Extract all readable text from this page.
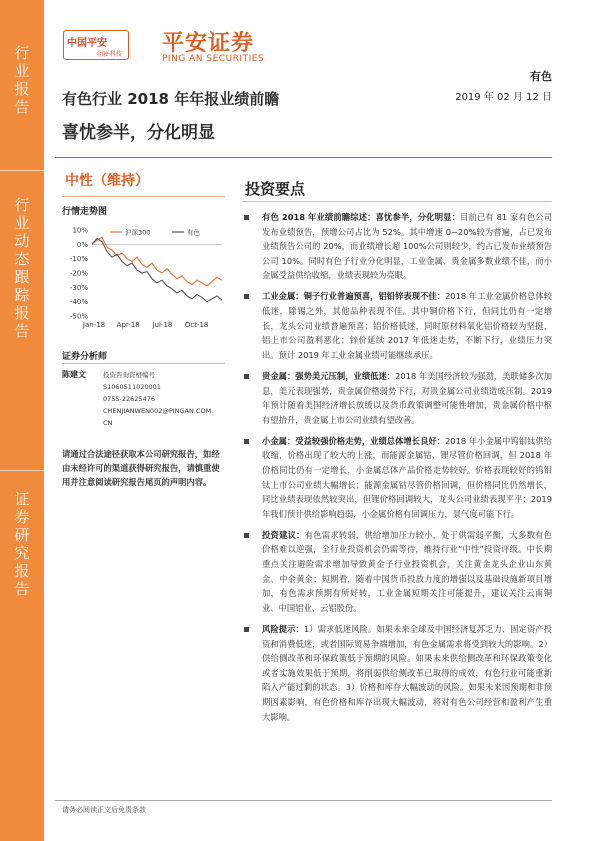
行
业
报
告
行
业
动
态
跟
踪
报
告
证
券
研
究
报
告
中国平安
金融·科技 平安证券
PING AN SECURITIES
有色
2019 年 02 月 12 日
有色行业 2018 年年报业绩前瞻
喜忧参半，分化明显
中性（维持）
行情走势图
10%
0%
-10%
-20%
-30%
-40%
-50%
Jan-18 Apr-18 Jul-18 Oct-18
沪深300	有色
证券分析师
陈建文	投资咨询资格编号
S1060511020001
0755-22625476
CHENJIANWEN002@PINGAN.COM.
CN
请通过合法途径获取本公司研究报告，如经由未经许可的渠道获得研究报告，请慎重使用并注意阅读研究报告尾页的声明内容。
投资要点
有色 2018 年业绩前瞻综述：喜忧参半，分化明显：目前已有 81 家有色公司发布业绩预告，预增公司占比为 52%。其中增速 0~20%较为普遍，占已发布业绩预告公司的 20%，而业绩增长超 100%公司则较少，约占已发布业绩预告公司 10%。同时有色子行业分化明显，工业金属、贵金属多数业绩不佳，而小金属受益供给收缩，业绩表现较为亮眼。
工业金属：铜子行业普遍预喜，铝铅锌表现不佳：2018 年工业金属价格总体较低迷，除锡之外，其他品种表现不佳。其中铜价格下行，但同比仍有一定增长，龙头公司业绩普遍预喜；铝价格低迷，同时原材料氧化铝价格较为坚挺，铝上市公司盈利恶化；锌价延续 2017 年低迷走势，不断下行，业绩压力突出。预计 2019 年工业金属业绩可能继续承压。
贵金属：强势美元压制，业绩低迷：2018 年美国经济较为强劲，美联储多次加息，美元表现强势，贵金属价格弱势下行，对贵金属公司业绩造成压制。2019 年预计随着美国经济增长放缓以及货币政策调整可能性增加，贵金属价格中枢有望抬升，贵金属上市公司业绩有望改善。
小金属：受益较强价格走势，业绩总体增长良好：2018 年小金属中钨钼钛供给收缩，价格出现了较大的上涨，而能源金属钴、锂尽管价格回调，但 2018 年价格同比仍有一定增长，小金属总体产品价格走势较好。价格表现较好的钨钼钛上市公司业绩大幅增长；能源金属钴尽管价格回调，但价格同比仍然增长，同比业绩表现依然较突出，但锂价格回调较大，龙头公司业绩表现平平；2019 年我们预计供给影响趋弱，小金属价格有回调压力，景气度可能下行。
投资建议：有色需求转弱，供给增加压力较小，处于供需弱平衡，大多数有色价格难以逆强，全行业投资机会仍需等待，维持行业“中性”投资评级。中长期重点关注避险需求增加导致黄金子行业投资机会，关注黄金龙头企业山东黄金、中金黄金；短期看，随着中国货币投放力度的增强以及基础设施新项目增加，有色需求预期有所好转，工业金属短期关注可能提升，建议关注云南铜业、中国铝业、云铝股份。
风险提示：1）需求低迷风险。如果未来全球及中国经济复苏乏力、固定资产投资和消费低迷，或者国际贸易争端增加，有色金属需求将受到较大的影响。2）供给侧改革和环保政策低于预期的风险。如果未来供给侧改革和环保政策变化或者实施效果低于预期，将削弱供给侧改革已取得的成效，有色行业可能重新陷入产能过剩的状态。3）价格和库存大幅波动的风险。如果未来因预期和非预期因素影响，有色价格和库存出现大幅波动，将对有色公司经营和盈利产生重大影响。
请务必阅读正文后免责条款
